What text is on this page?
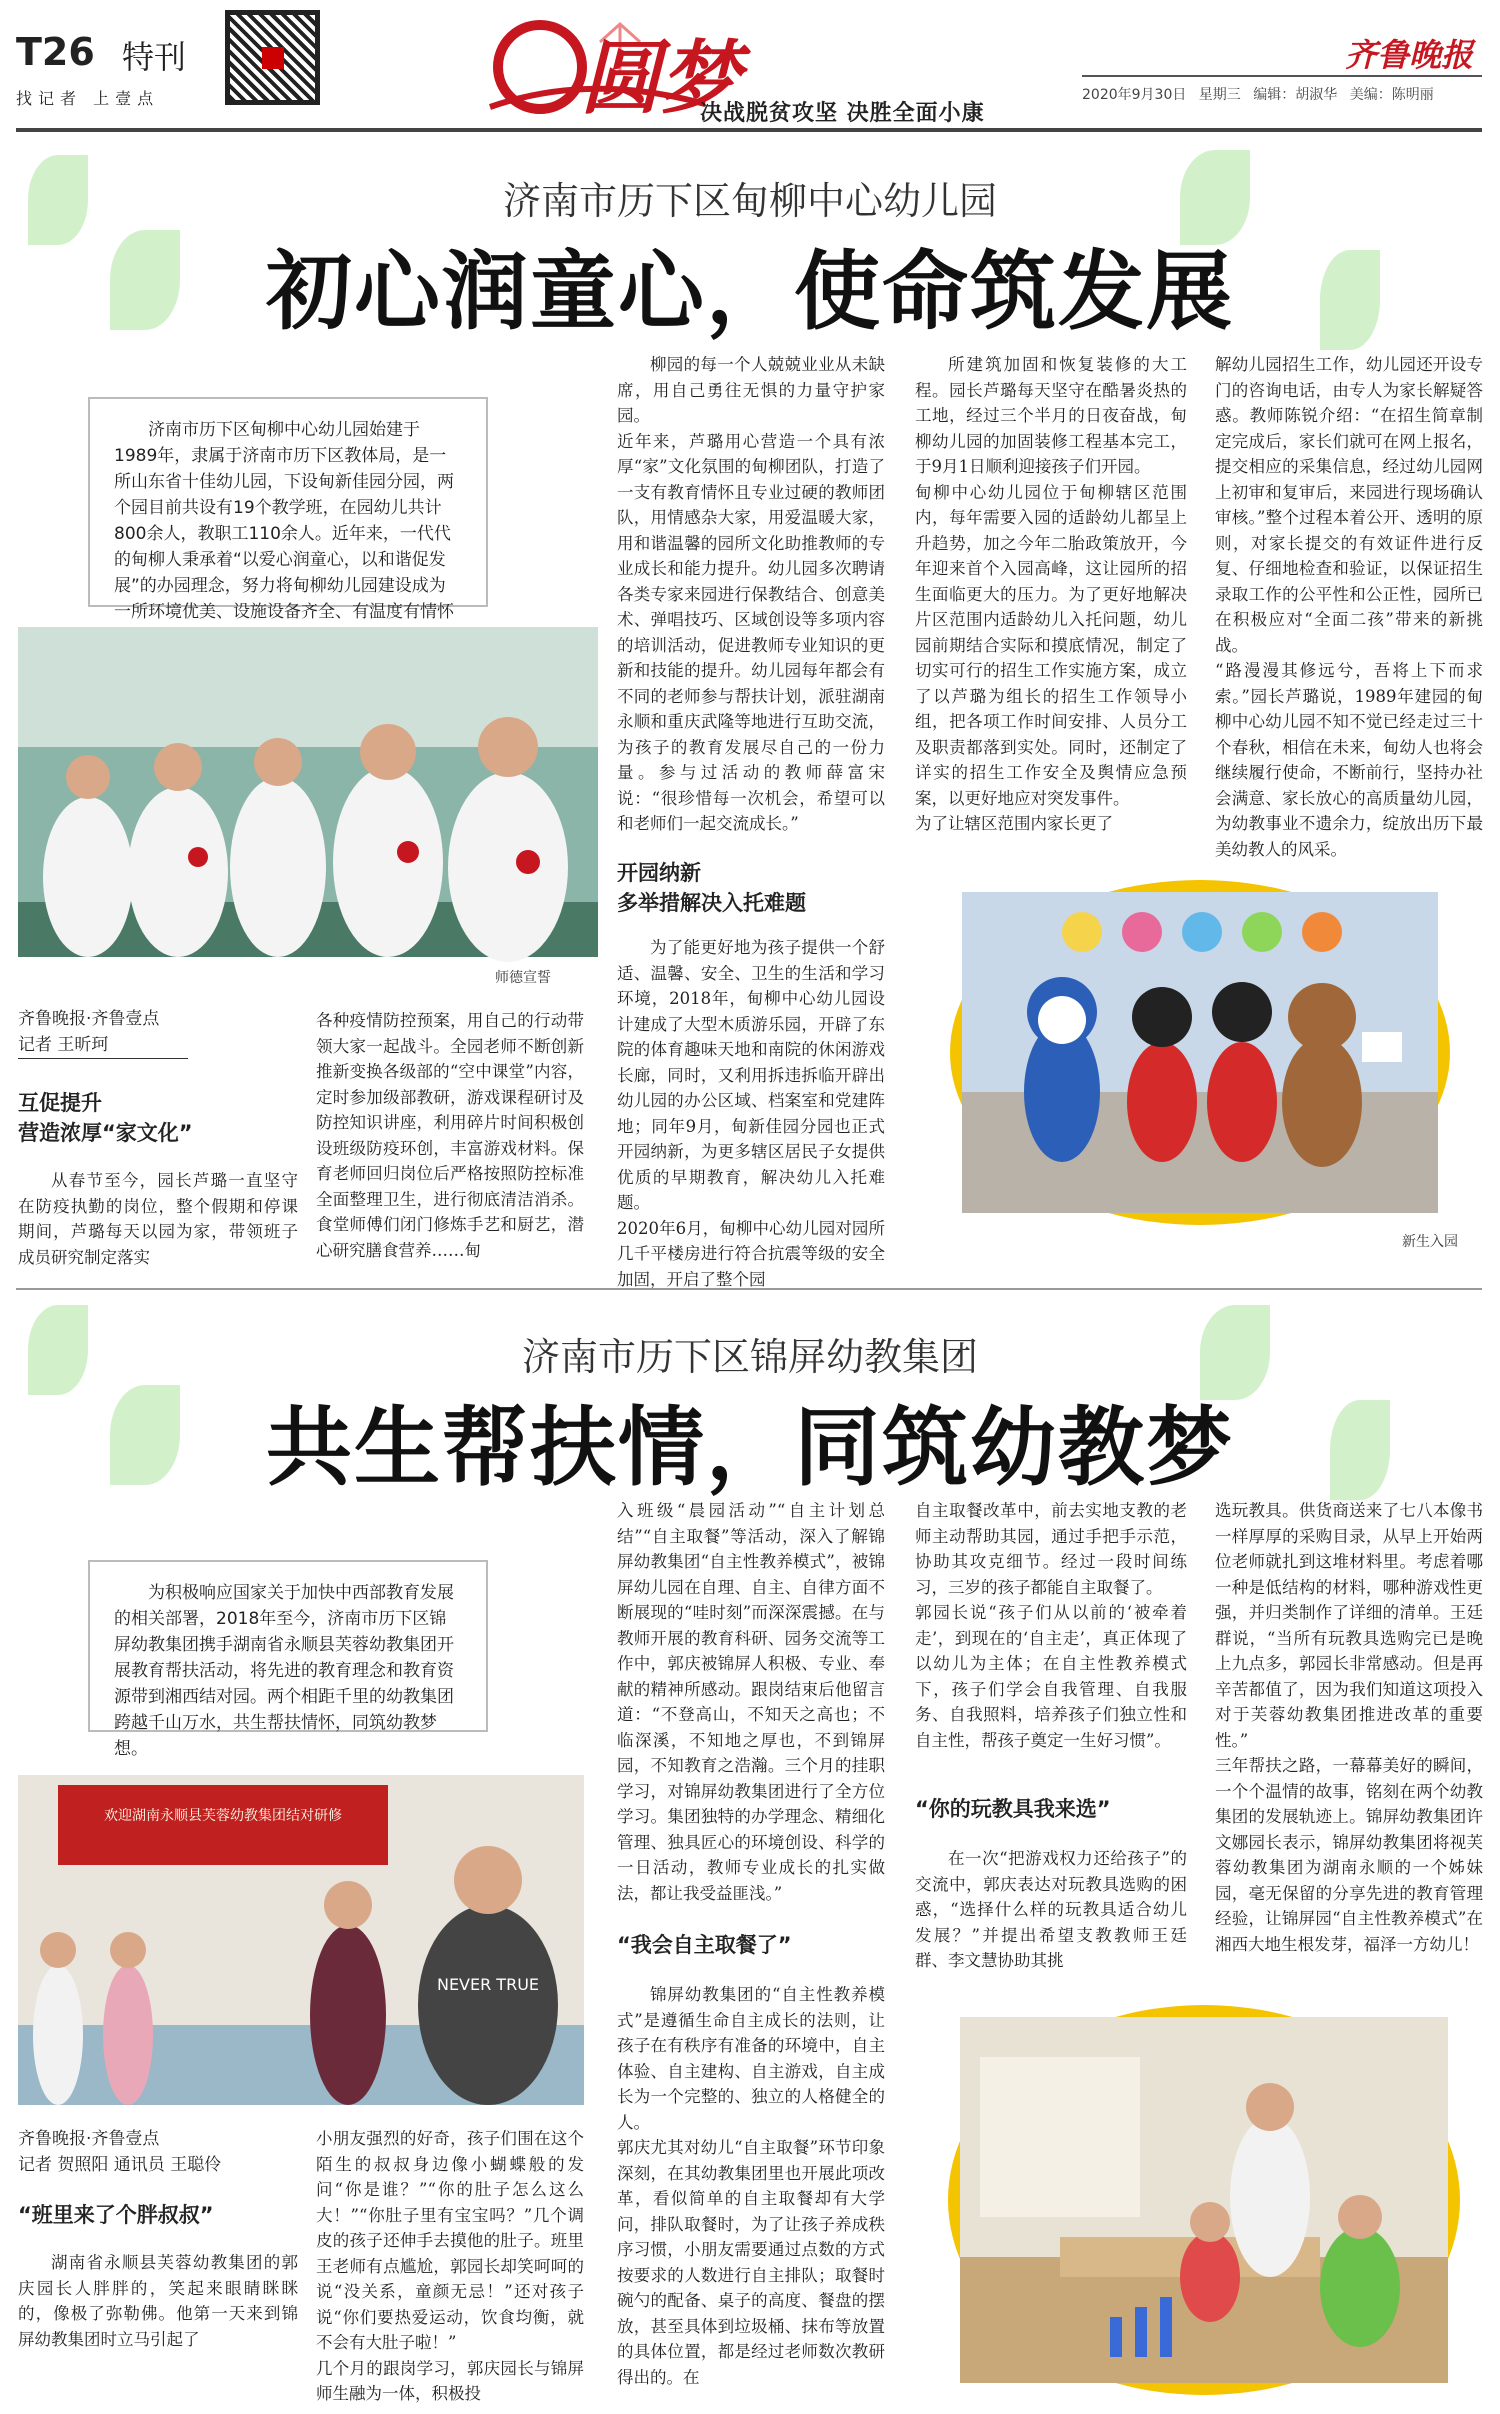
T26 特刊
找记者 上壹点	圆梦
决战脱贫攻坚 决胜全面小康
齐鲁晚报
2020年9月30日 星期三 编辑：胡淑华 美编：陈明丽
济南市历下区甸柳中心幼儿园
初心润童心，使命筑发展
济南市历下区甸柳中心幼儿园始建于1989年，隶属于济南市历下区教体局，是一所山东省十佳幼儿园，下设甸新佳园分园，两个园目前共设有19个教学班，在园幼儿共计800余人，教职工110余人。近年来，一代代的甸柳人秉承着“以爱心润童心，以和谐促发展”的办园理念，努力将甸柳幼儿园建设成为一所环境优美、设施设备齐全、有温度有情怀
师德宣誓
齐鲁晚报·齐鲁壹点
记者 王昕珂
互促提升
营造浓厚“家文化”
从春节至今，园长芦璐一直坚守在防疫执勤的岗位，整个假期和停课期间，芦璐每天以园为家，带领班子成员研究制定落实
各种疫情防控预案，用自己的行动带领大家一起战斗。全园老师不断创新推新变换各级部的“空中课堂”内容，定时参加级部教研，游戏课程研讨及防控知识讲座，利用碎片时间积极创设班级防疫环创，丰富游戏材料。保育老师回归岗位后严格按照防控标准全面整理卫生，进行彻底清洁消杀。食堂师傅们闭门修炼手艺和厨艺，潜心研究膳食营养……甸
柳园的每一个人兢兢业业从未缺席，用自己勇往无惧的力量守护家园。
近年来，芦璐用心营造一个具有浓厚“家”文化氛围的甸柳团队，打造了一支有教育情怀且专业过硬的教师团队，用情感杂大家，用爱温暖大家，用和谐温馨的园所文化助推教师的专业成长和能力提升。幼儿园多次聘请各类专家来园进行保教结合、创意美术、弹唱技巧、区域创设等多项内容的培训活动，促进教师专业知识的更新和技能的提升。幼儿园每年都会有不同的老师参与帮扶计划，派驻湖南永顺和重庆武隆等地进行互助交流，为孩子的教育发展尽自己的一份力量。参与过活动的教师薛富宋说：“很珍惜每一次机会，希望可以和老师们一起交流成长。”
开园纳新
多举措解决入托难题
为了能更好地为孩子提供一个舒适、温馨、安全、卫生的生活和学习环境，2018年，甸柳中心幼儿园设计建成了大型木质游乐园，开辟了东院的体育趣味天地和南院的休闲游戏长廊，同时，又利用拆违拆临开辟出幼儿园的办公区域、档案室和党建阵地；同年9月，甸新佳园分园也正式开园纳新，为更多辖区居民子女提供优质的早期教育，解决幼儿入托难题。
2020年6月，甸柳中心幼儿园对园所几千平楼房进行符合抗震等级的安全加固，开启了整个园
所建筑加固和恢复装修的大工程。园长芦璐每天坚守在酷暑炎热的工地，经过三个半月的日夜奋战，甸柳幼儿园的加固装修工程基本完工，于9月1日顺利迎接孩子们开园。
甸柳中心幼儿园位于甸柳辖区范围内，每年需要入园的适龄幼儿都呈上升趋势，加之今年二胎政策放开，今年迎来首个入园高峰，这让园所的招生面临更大的压力。为了更好地解决片区范围内适龄幼儿入托问题，幼儿园前期结合实际和摸底情况，制定了切实可行的招生工作实施方案，成立了以芦璐为组长的招生工作领导小组，把各项工作时间安排、人员分工及职责都落到实处。同时，还制定了详实的招生工作安全及舆情应急预案，以更好地应对突发事件。
为了让辖区范围内家长更了
解幼儿园招生工作，幼儿园还开设专门的咨询电话，由专人为家长解疑答惑。教师陈锐介绍：“在招生简章制定完成后，家长们就可在网上报名，提交相应的采集信息，经过幼儿园网上初审和复审后，来园进行现场确认审核。”整个过程本着公开、透明的原则，对家长提交的有效证件进行反复、仔细地检查和验证，以保证招生录取工作的公平性和公正性，园所已在积极应对“全面二孩”带来的新挑战。
“路漫漫其修远兮，吾将上下而求索。”园长芦璐说，1989年建园的甸柳中心幼儿园不知不觉已经走过三十个春秋，相信在未来，甸幼人也将会继续履行使命，不断前行，坚持办社会满意、家长放心的高质量幼儿园，为幼教事业不遗余力，绽放出历下最美幼教人的风采。
新生入园
济南市历下区锦屏幼教集团
共生帮扶情，同筑幼教梦
为积极响应国家关于加快中西部教育发展的相关部署，2018年至今，济南市历下区锦屏幼教集团携手湖南省永顺县芙蓉幼教集团开展教育帮扶活动，将先进的教育理念和教育资源带到湘西结对园。两个相距千里的幼教集团跨越千山万水，共生帮扶情怀，同筑幼教梦想。
欢迎湖南永顺县芙蓉幼教集团结对研修
NEVER TRUE
齐鲁晚报·齐鲁壹点
记者 贺照阳 通讯员 王聪伶
“班里来了个胖叔叔”
湖南省永顺县芙蓉幼教集团的郭庆园长人胖胖的，笑起来眼睛眯眯的，像极了弥勒佛。他第一天来到锦屏幼教集团时立马引起了
小朋友强烈的好奇，孩子们围在这个陌生的叔叔身边像小蝴蝶般的发问“你是谁？”“你的肚子怎么这么大！”“你肚子里有宝宝吗？”几个调皮的孩子还伸手去摸他的肚子。班里王老师有点尴尬，郭园长却笑呵呵的说“没关系，童颜无忌！”还对孩子说“你们要热爱运动，饮食均衡，就不会有大肚子啦！”
几个月的跟岗学习，郭庆园长与锦屏师生融为一体，积极投
入班级“晨园活动”“自主计划总结”“自主取餐”等活动，深入了解锦屏幼教集团“自主性教养模式”，被锦屏幼儿园在自理、自主、自律方面不断展现的“哇时刻”而深深震撼。在与教师开展的教育科研、园务交流等工作中，郭庆被锦屏人积极、专业、奉献的精神所感动。跟岗结束后他留言道：“不登高山，不知天之高也；不临深溪，不知地之厚也，不到锦屏园，不知教育之浩瀚。三个月的挂职学习，对锦屏幼教集团进行了全方位学习。集团独特的办学理念、精细化管理、独具匠心的环境创设、科学的一日活动，教师专业成长的扎实做法，都让我受益匪浅。”
“我会自主取餐了”
锦屏幼教集团的“自主性教养模式”是遵循生命自主成长的法则，让孩子在有秩序有准备的环境中，自主体验、自主建构、自主游戏，自主成长为一个完整的、独立的人格健全的人。
郭庆尤其对幼儿“自主取餐”环节印象深刻，在其幼教集团里也开展此项改革，看似简单的自主取餐却有大学问，排队取餐时，为了让孩子养成秩序习惯，小朋友需要通过点数的方式按要求的人数进行自主排队；取餐时碗勺的配备、桌子的高度、餐盘的摆放，甚至具体到垃圾桶、抹布等放置的具体位置，都是经过老师数次教研得出的。在
自主取餐改革中，前去实地支教的老师主动帮助其园，通过手把手示范，协助其攻克细节。经过一段时间练习，三岁的孩子都能自主取餐了。
郭园长说“孩子们从以前的‘被牵着走’，到现在的‘自主走’，真正体现了以幼儿为主体；在自主性教养模式下，孩子们学会自我管理、自我服务、自我照料，培养孩子们独立性和自主性，帮孩子奠定一生好习惯”。
“你的玩教具我来选”
在一次“把游戏权力还给孩子”的交流中，郭庆表达对玩教具选购的困惑，“选择什么样的玩教具适合幼儿发展？”并提出希望支教教师王廷群、李文慧协助其挑
选玩教具。供货商送来了七八本像书一样厚厚的采购目录，从早上开始两位老师就扎到这堆材料里。考虑着哪一种是低结构的材料，哪种游戏性更强，并归类制作了详细的清单。王廷群说，“当所有玩教具选购完已是晚上九点多，郭园长非常感动。但是再辛苦都值了，因为我们知道这项投入对于芙蓉幼教集团推进改革的重要性。”
三年帮扶之路，一幕幕美好的瞬间，一个个温情的故事，铭刻在两个幼教集团的发展轨迹上。锦屏幼教集团许文娜园长表示，锦屏幼教集团将视芙蓉幼教集团为湖南永顺的一个姊妹园，毫无保留的分享先进的教育管理经验，让锦屏园“自主性教养模式”在湘西大地生根发芽，福泽一方幼儿！
